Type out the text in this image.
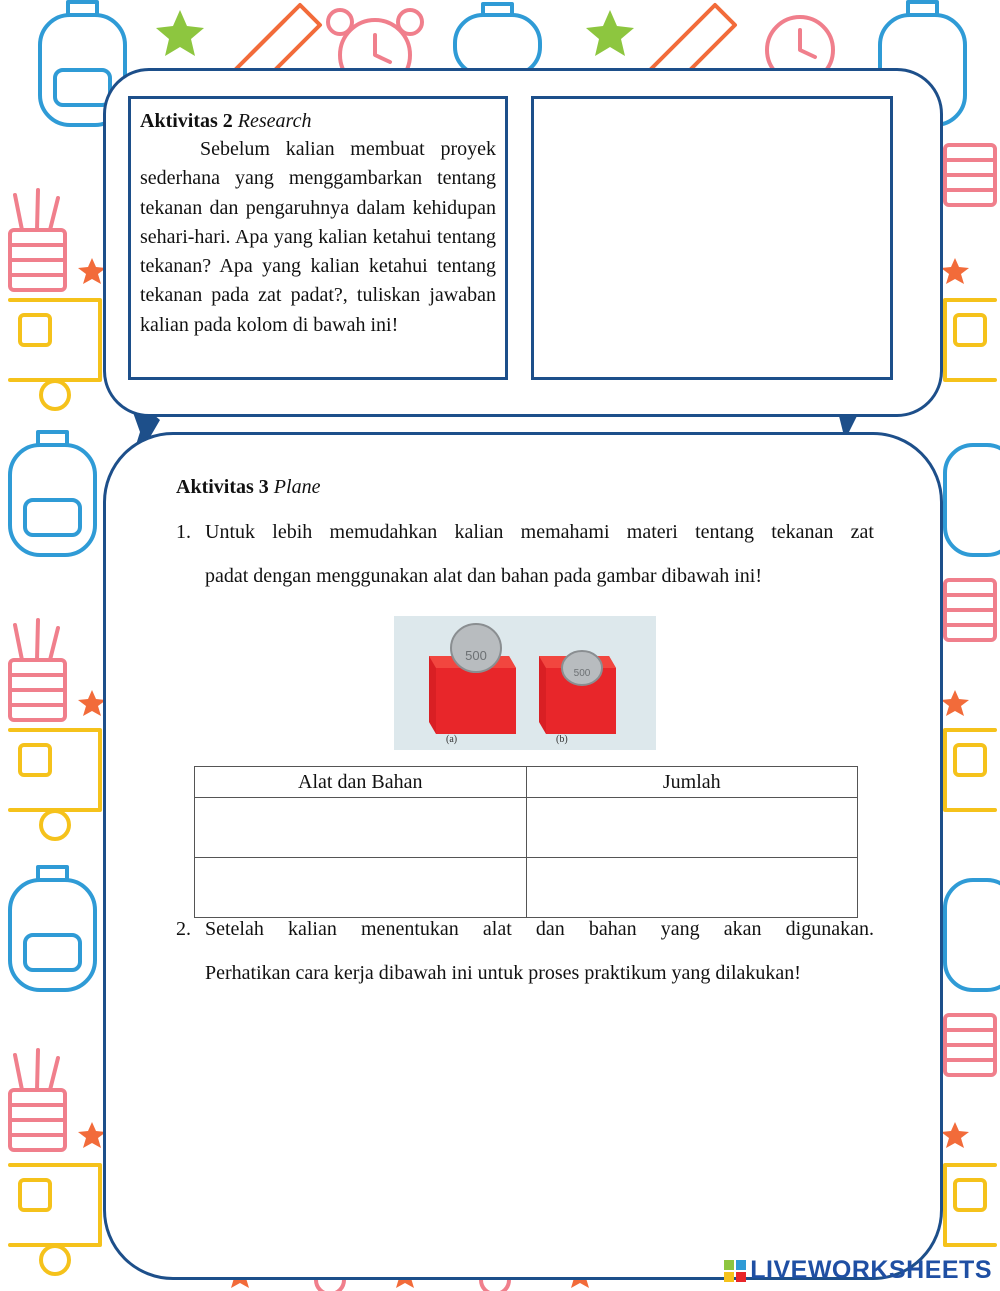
Aktivitas 2 Research

Sebelum kalian membuat proyek sederhana yang menggambarkan tentang tekanan dan pengaruhnya dalam kehidupan sehari-hari. Apa yang kalian ketahui tentang tekanan? Apa yang kalian ketahui tentang tekanan pada zat padat?, tuliskan jawaban kalian pada kolom di bawah ini!

Aktivitas 3 Plane
1. Untuk lebih memudahkan kalian memahami materi tentang tekanan zat
padat dengan menggunakan alat dan bahan pada gambar dibawah ini!
500
500
(a)	(b)
Alat dan Bahan	Jumlah

2. Setelah kalian menentukan alat dan bahan yang akan digunakan.
Perhatikan cara kerja dibawah ini untuk proses praktikum yang dilakukan!
LIVEWORKSHEETS
